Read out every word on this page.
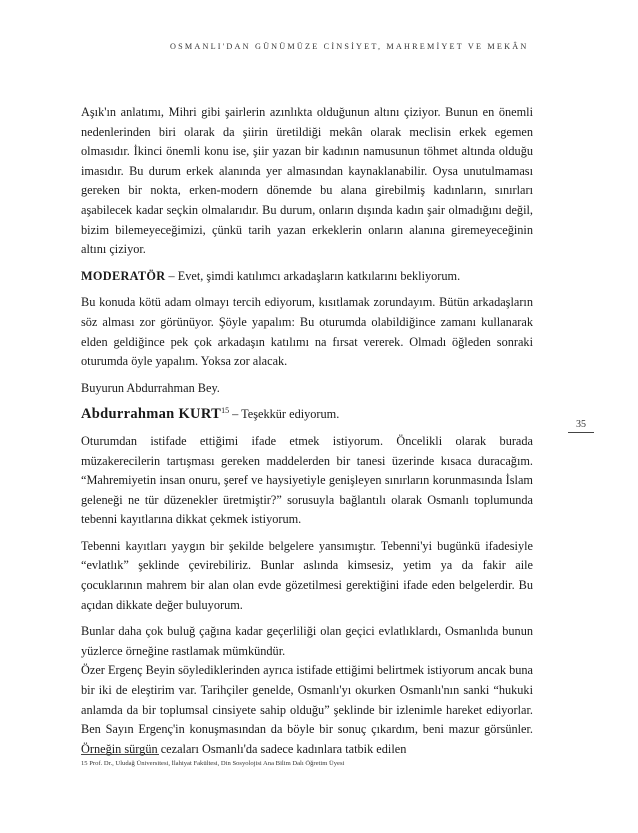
OSMANLI'DAN GÜNÜMÜZE CİNSİYET, MAHREMİYET VE MEKÂN

Aşık'ın anlatımı, Mihri gibi şairlerin azınlıkta olduğunun altını çiziyor. Bunun en önemli nedenlerinden biri olarak da şiirin üretildiği mekân olarak meclisin erkek egemen olmasıdır. İkinci önemli konu ise, şiir yazan bir kadının namusunun töhmet altında olduğu imasıdır. Bu durum erkek alanında yer almasından kaynaklanabilir. Oysa unutulmaması gereken bir nokta, erken-modern dönemde bu alana girebilmiş kadınların, sınırları aşabilecek kadar seçkin olmalarıdır. Bu durum, onların dışında kadın şair olmadığını değil, bizim bilemeyeceğimizi, çünkü tarih yazan erkeklerin onların alanına giremeyeceğinin altını çiziyor.

MODERATÖR – Evet, şimdi katılımcı arkadaşların katkılarını bekliyorum.

Bu konuda kötü adam olmayı tercih ediyorum, kısıtlamak zorundayım. Bütün arkadaşların söz alması zor görünüyor. Şöyle yapalım: Bu oturumda olabildiğince zamanı kullanarak elden geldiğince pek çok arkadaşın katılımı na fırsat vererek. Olmadı öğleden sonraki oturumda öyle yapalım. Yoksa zor alacak.

Buyurun Abdurrahman Bey.

Abdurrahman KURT$^{15}$ – Teşekkür ediyorum.

Oturumdan istifade ettiğimi ifade etmek istiyorum. Öncelikli olarak burada müzakerecilerin tartışması gereken maddelerden bir tanesi üzerinde kısaca duracağım. “Mahremiyetin insan onuru, şeref ve haysiyetiyle genişleyen sınırların korunmasında İslam geleneği ne tür düzenekler üretmiştir?” sorusuyla bağlantılı olarak Osmanlı toplumunda tebenni kayıtlarına dikkat çekmek istiyorum.

Tebenni kayıtları yaygın bir şekilde belgelere yansımıştır. Tebenni'yi bugünkü ifadesiyle “evlatlık” şeklinde çevirebiliriz. Bunlar aslında kimsesiz, yetim ya da fakir aile çocuklarının mahrem bir alan olan evde gözetilmesi gerektiğini ifade eden belgelerdir. Bu açıdan dikkate değer buluyorum.

Bunlar daha çok buluğ çağına kadar geçerliliği olan geçici evlatlıklardı, Osmanlıda bunun yüzlerce örneğine rastlamak mümkündür.

Özer Ergenç Beyin söylediklerinden ayrıca istifade ettiğimi belirtmek istiyorum ancak buna bir iki de eleştirim var. Tarihçiler genelde, Osmanlı'yı okurken Osmanlı'nın sanki “hukuki anlamda da bir toplumsal cinsiyete sahip olduğu” şeklinde bir izlenimle hareket ediyorlar. Ben Sayın Ergenç'in konuşmasından da böyle bir sonuç çıkardım, beni mazur görsünler. Örneğin sürgün cezaları Osmanlı'da sadece kadınlara tatbik edilen

35
15 Prof. Dr., Uludağ Üniversitesi, İlahiyat Fakültesi, Din Sosyolojisi Ana Bilim Dalı Öğretim Üyesi
